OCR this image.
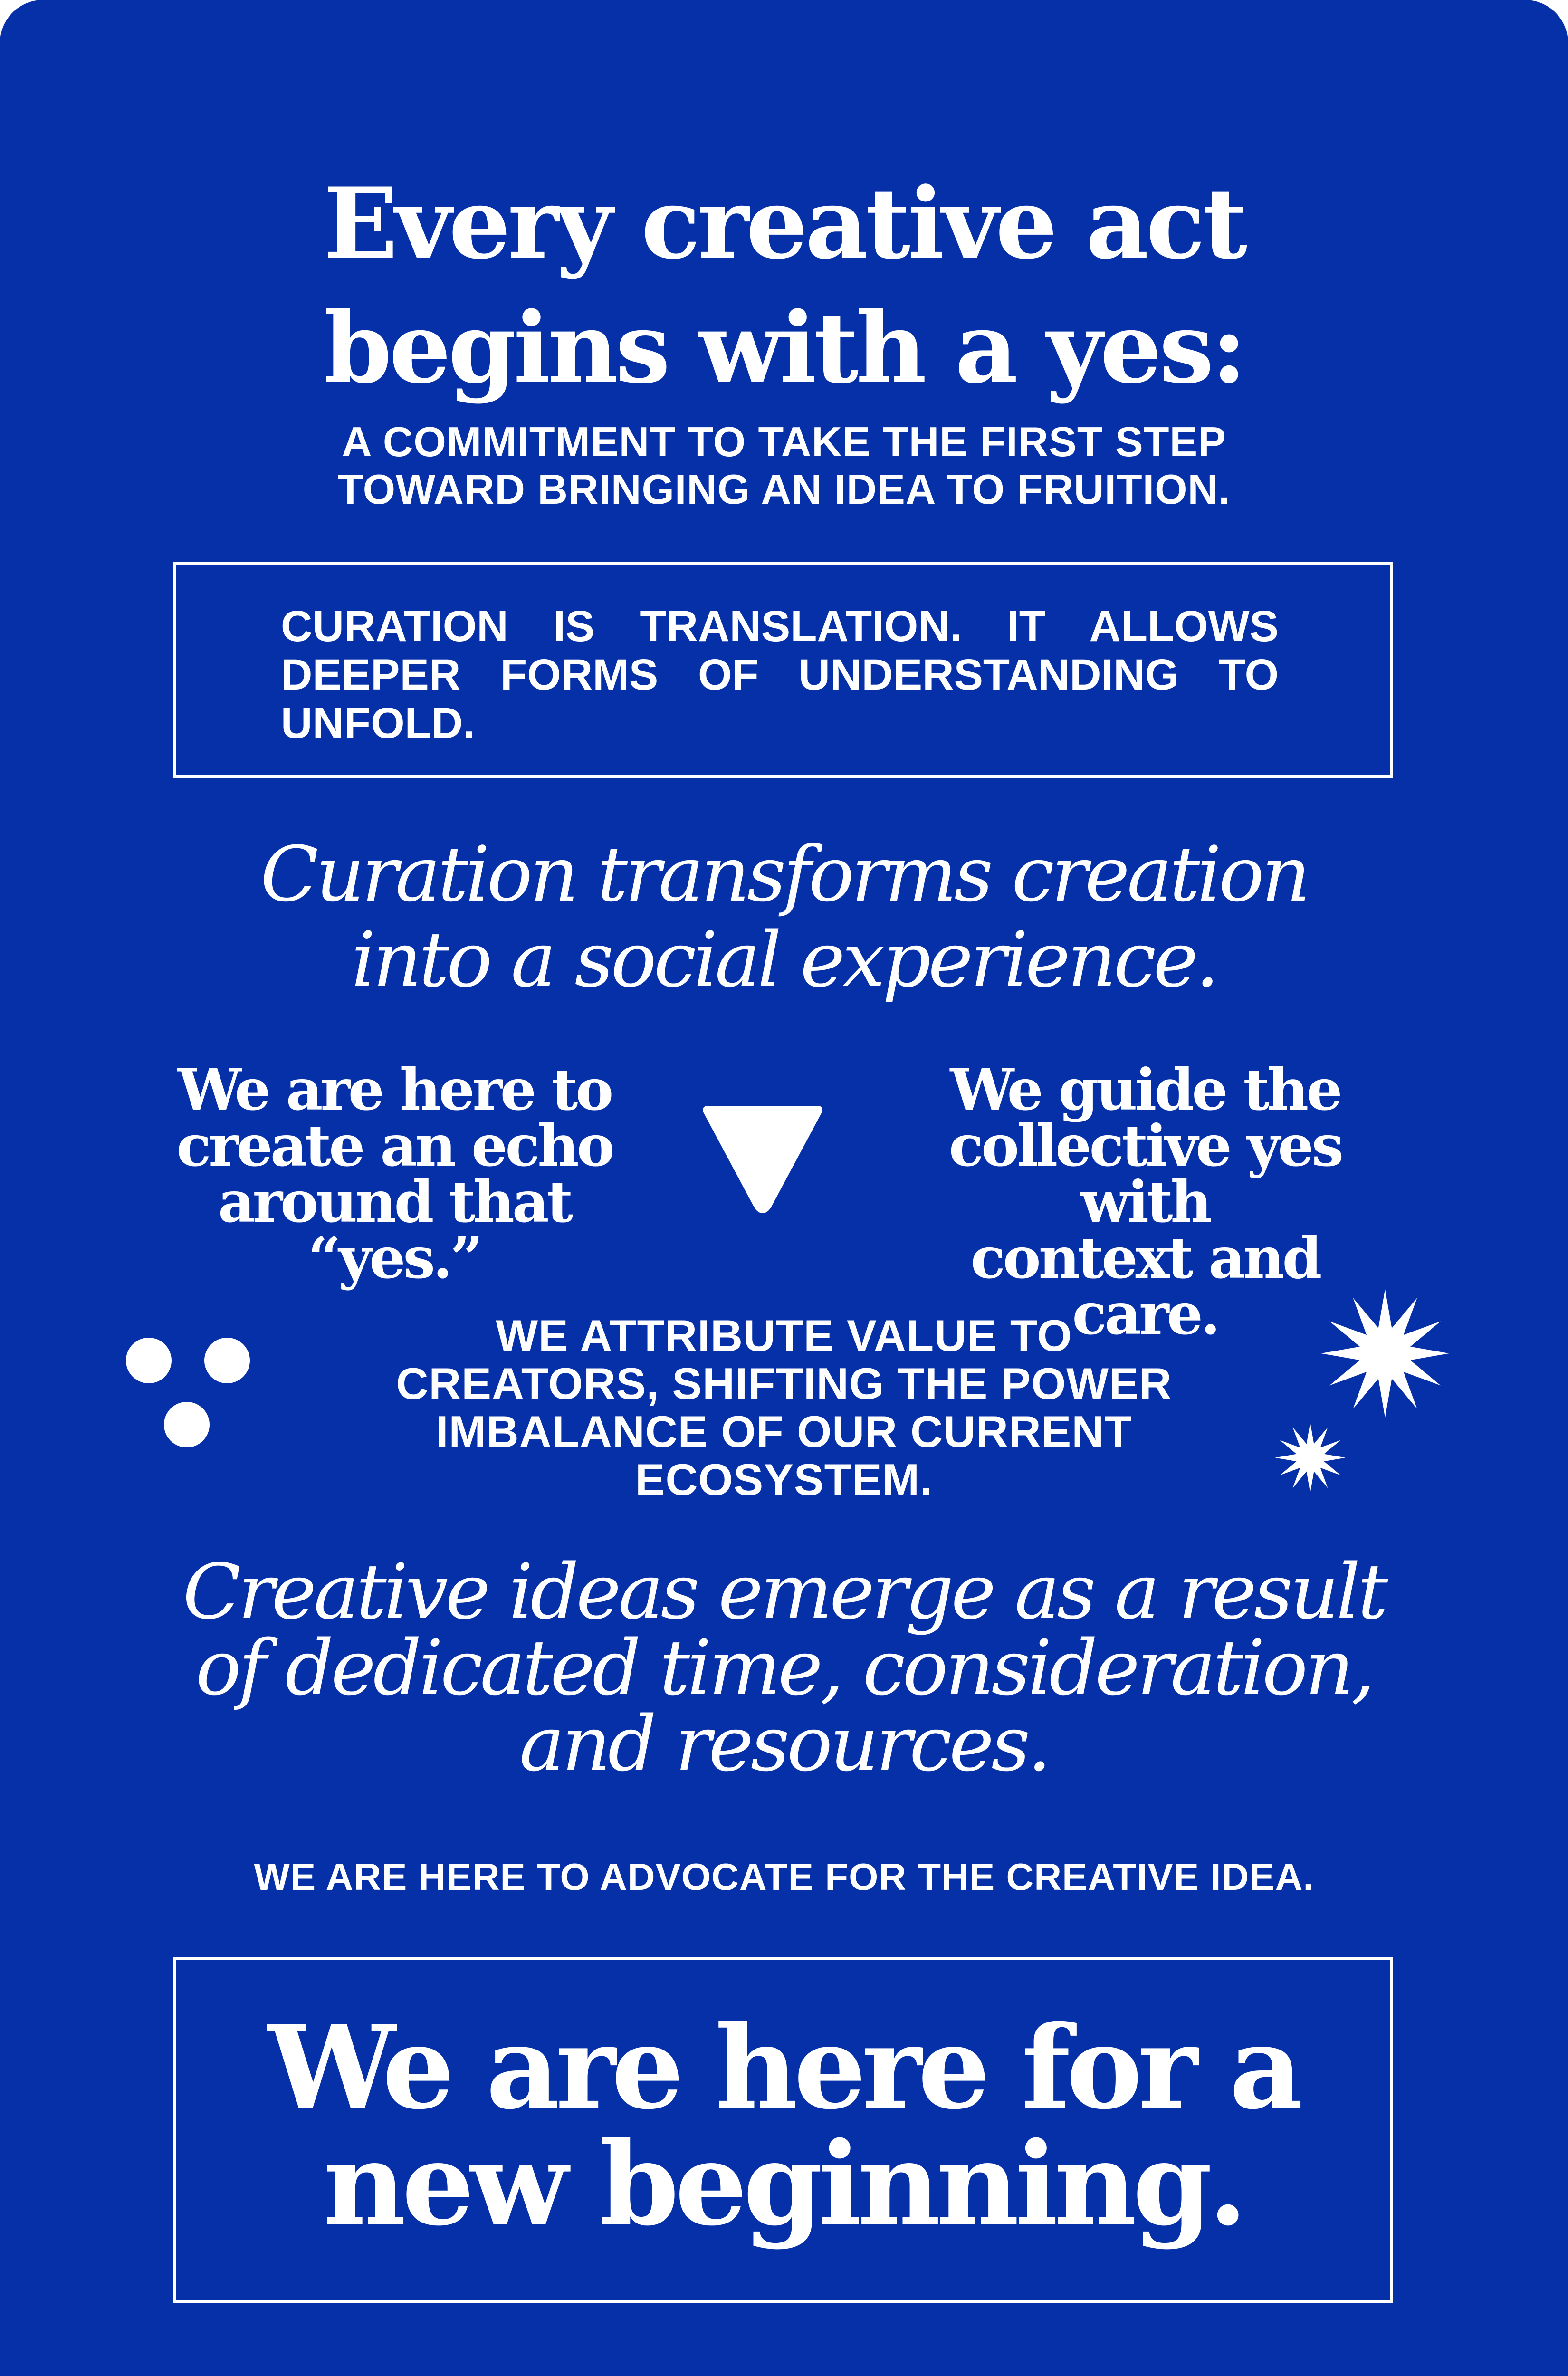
Every creative act
begins with a yes:
A COMMITMENT TO TAKE THE FIRST STEP
TOWARD BRINGING AN IDEA TO FRUITION.
CURATION IS TRANSLATION. IT ALLOWS DEEPER FORMS OF UNDERSTANDING TO UNFOLD.
Curation transforms creation
into a social experience.
We are here to
create an echo
around that “yes.”
We guide the
collective yes with
context and care.
WE ATTRIBUTE VALUE TO
CREATORS, SHIFTING THE POWER
IMBALANCE OF OUR CURRENT
ECOSYSTEM.
Creative ideas emerge as a result
of dedicated time, consideration,
and resources.
WE ARE HERE TO ADVOCATE FOR THE CREATIVE IDEA.
We are here for a
new beginning.
